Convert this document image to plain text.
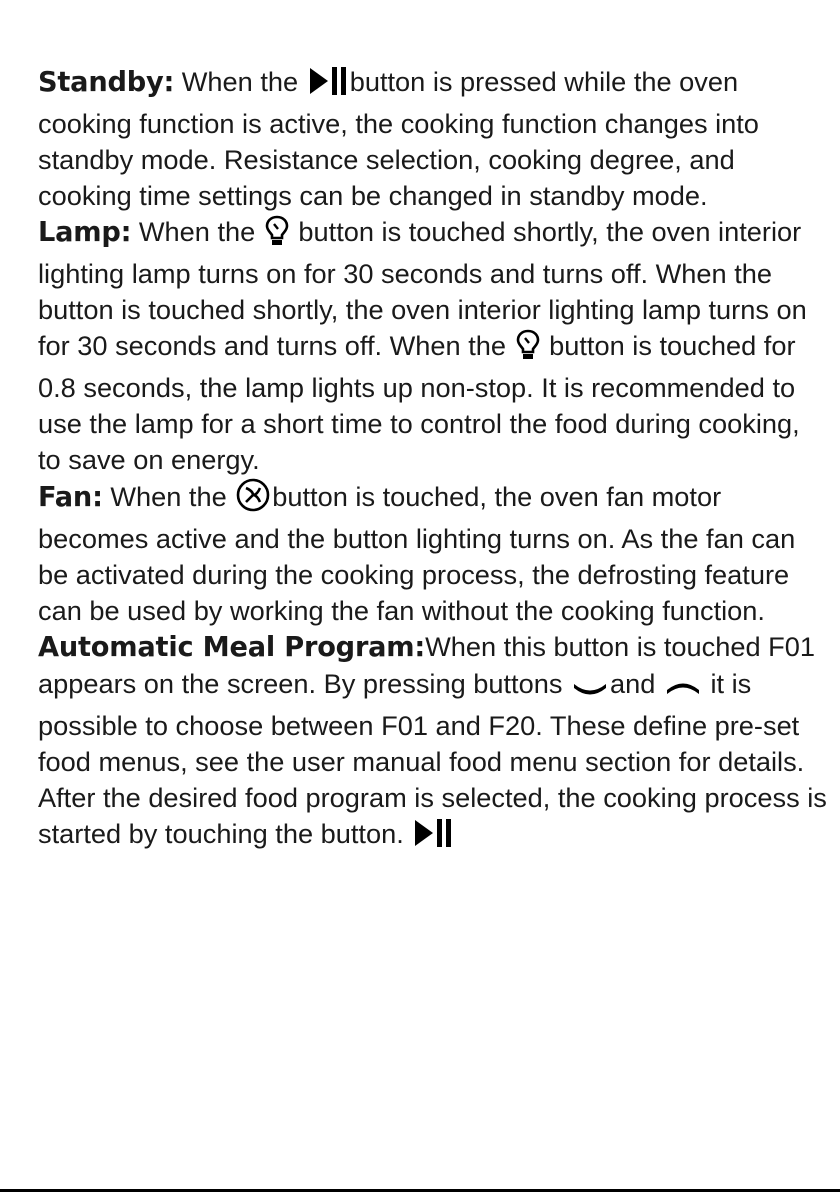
Standby: When the button is pressed while the oven cooking function is active, the cooking function changes into standby mode. Resistance selection, cooking degree, and cooking time settings can be changed in standby mode.

Lamp: When the  button is touched shortly, the oven interior lighting lamp turns on for 30 seconds and turns off. When the button is touched shortly, the oven interior lighting lamp turns on for 30 seconds and turns off. When the  button is touched for 0.8 seconds, the lamp lights up non-stop. It is recommended to use the lamp for a short time to control the food during cooking, to save on energy.

Fan: When the button is touched, the oven fan motor becomes active and the button lighting turns on. As the fan can be activated during the cooking process, the defrosting feature can be used by working the fan without the cooking function.

Automatic Meal Program:When this button is touched F01 appears on the screen. By pressing buttons and  it is possible to choose between F01 and F20. These define pre-set food menus, see the user manual food menu section for details. After the desired food program is selected, the cooking process is started by touching the button.
